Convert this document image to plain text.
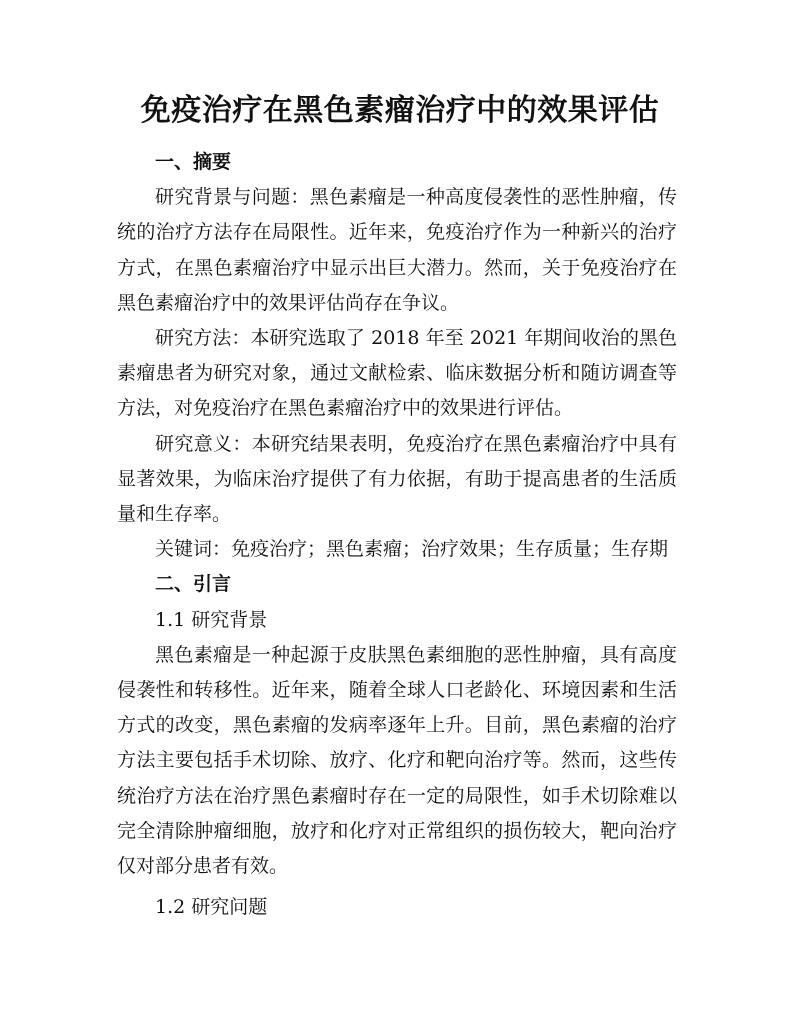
免疫治疗在黑色素瘤治疗中的效果评估

一、摘要

研究背景与问题：黑色素瘤是一种高度侵袭性的恶性肿瘤，传统的治疗方法存在局限性。近年来，免疫治疗作为一种新兴的治疗方式，在黑色素瘤治疗中显示出巨大潜力。然而，关于免疫治疗在黑色素瘤治疗中的效果评估尚存在争议。

研究方法：本研究选取了 2018 年至 2021 年期间收治的黑色素瘤患者为研究对象，通过文献检索、临床数据分析和随访调查等方法，对免疫治疗在黑色素瘤治疗中的效果进行评估。

研究意义：本研究结果表明，免疫治疗在黑色素瘤治疗中具有显著效果，为临床治疗提供了有力依据，有助于提高患者的生活质量和生存率。

关键词：免疫治疗；黑色素瘤；治疗效果；生存质量；生存期

二、引言

1.1 研究背景

黑色素瘤是一种起源于皮肤黑色素细胞的恶性肿瘤，具有高度侵袭性和转移性。近年来，随着全球人口老龄化、环境因素和生活方式的改变，黑色素瘤的发病率逐年上升。目前，黑色素瘤的治疗方法主要包括手术切除、放疗、化疗和靶向治疗等。然而，这些传统治疗方法在治疗黑色素瘤时存在一定的局限性，如手术切除难以完全清除肿瘤细胞，放疗和化疗对正常组织的损伤较大，靶向治疗仅对部分患者有效。

1.2 研究问题
